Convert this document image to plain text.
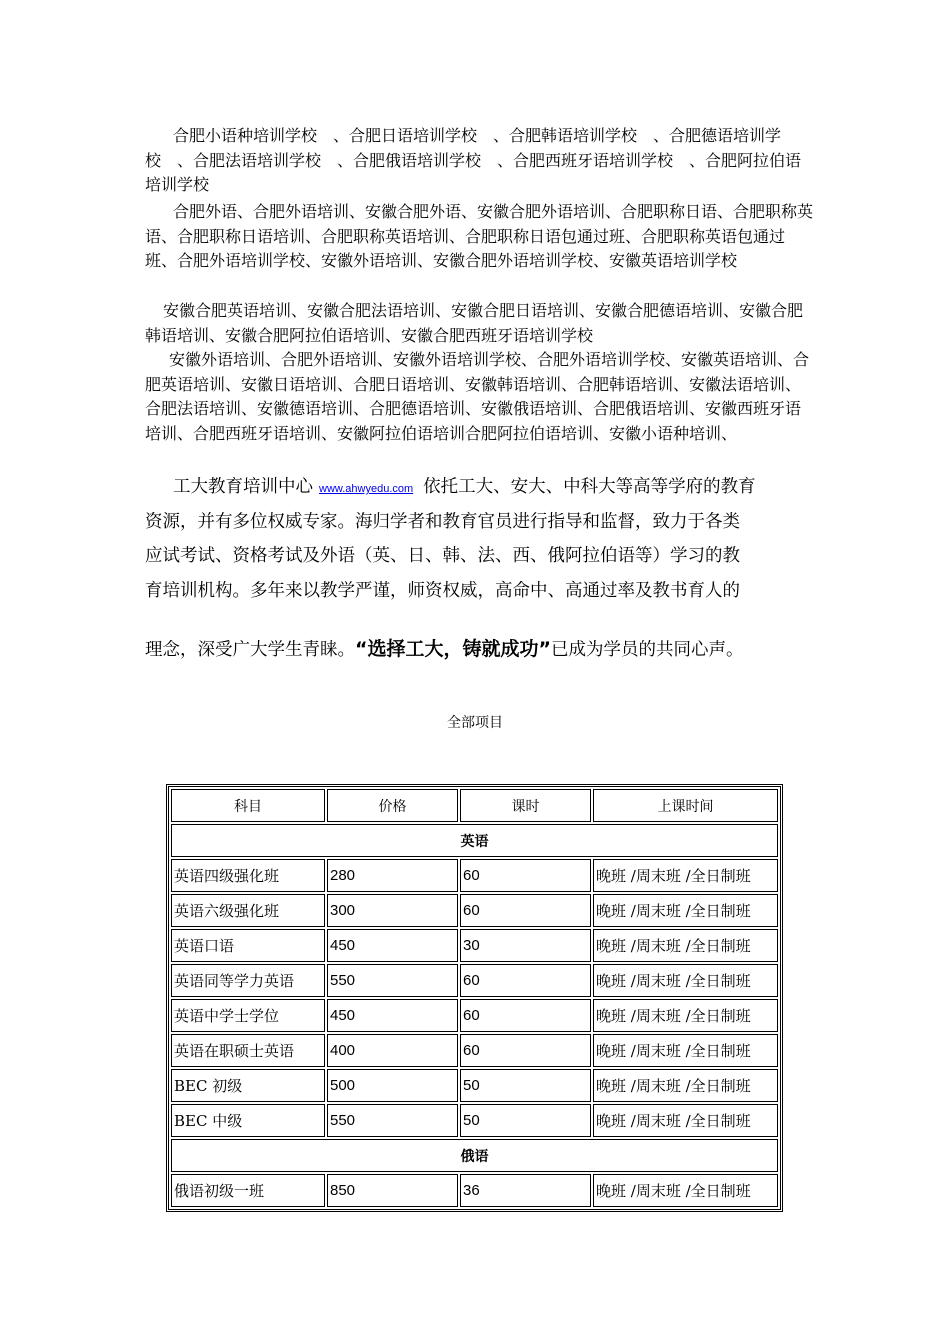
合肥小语种培训学校　、合肥日语培训学校　、合肥韩语培训学校　、合肥德语培训学校　、合肥法语培训学校　、合肥俄语培训学校　、合肥西班牙语培训学校　、合肥阿拉伯语培训学校

合肥外语、合肥外语培训、安徽合肥外语、安徽合肥外语培训、合肥职称日语、合肥职称英语、合肥职称日语培训、合肥职称英语培训、合肥职称日语包通过班、合肥职称英语包通过班、合肥外语培训学校、安徽外语培训、安徽合肥外语培训学校、安徽英语培训学校

安徽合肥英语培训、安徽合肥法语培训、安徽合肥日语培训、安徽合肥德语培训、安徽合肥韩语培训、安徽合肥阿拉伯语培训、安徽合肥西班牙语培训学校

安徽外语培训、合肥外语培训、安徽外语培训学校、合肥外语培训学校、安徽英语培训、合肥英语培训、安徽日语培训、合肥日语培训、安徽韩语培训、合肥韩语培训、安徽法语培训、合肥法语培训、安徽德语培训、合肥德语培训、安徽俄语培训、合肥俄语培训、安徽西班牙语培训、合肥西班牙语培训、安徽阿拉伯语培训合肥阿拉伯语培训、安徽小语种培训、

工大教育培训中心 www.ahwyedu.com 依托工大、安大、中科大等高等学府的教育
资源，并有多位权威专家。海归学者和教育官员进行指导和监督，致力于各类
应试考试、资格考试及外语（英、日、韩、法、西、俄阿拉伯语等）学习的教
育培训机构。多年来以教学严谨，师资权威，高命中、高通过率及教书育人的

理念，深受广大学生青睐。“选择工大，铸就成功”已成为学员的共同心声。

全部项目

科目	价格	课时	上课时间
英语			
英语四级强化班	280	60	晚班 /周末班 /全日制班
英语六级强化班	300	60	晚班 /周末班 /全日制班
英语口语	450	30	晚班 /周末班 /全日制班
英语同等学力英语	550	60	晚班 /周末班 /全日制班
英语中学士学位	450	60	晚班 /周末班 /全日制班
英语在职硕士英语	400	60	晚班 /周末班 /全日制班
BEC 初级	500	50	晚班 /周末班 /全日制班
BEC 中级	550	50	晚班 /周末班 /全日制班
俄语			
俄语初级一班	850	36	晚班 /周末班 /全日制班
